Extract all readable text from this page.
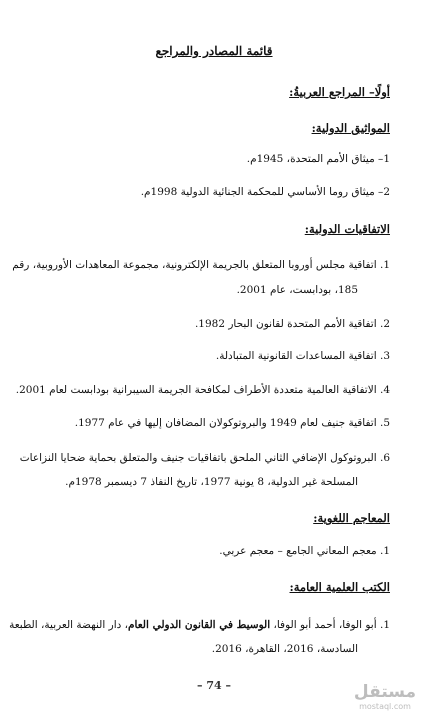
قائمة المصادر والمراجع
أولًا– المراجع العربيةُ:
المواثيق الدولية:
1– ميثاق الأمم المتحدة، 1945م.
2– ميثاق روما الأساسي للمحكمة الجنائية الدولية 1998م.
الاتفاقيات الدولية:
1. اتفاقية مجلس أوروبا المتعلق بالجريمة الإلكترونية، مجموعة المعاهدات الأوروبية، رقم
185، بودابست، عام 2001.
2. اتفاقية الأمم المتحدة لقانون البحار 1982.
3. اتفاقية المساعدات القانونية المتبادلة.
4. الاتفاقية العالمية متعددة الأطراف لمكافحة الجريمة السيبرانية بودابست لعام 2001.
5. اتفاقية جنيف لعام 1949 والبروتوكولان المضافان إليها في عام 1977.
6. البروتوكول الإضافي الثاني الملحق باتفاقيات جنيف والمتعلق بحماية ضحايا النزاعات
المسلحة غير الدولية، 8 يونية 1977، تاريخ النفاذ 7 ديسمبر 1978م.
المعاجم اللغوية:
1. معجم المعاني الجامع – معجم عربي.
الكتب العلمية العامة:
1. أبو الوفا، أحمد أبو الوفا، الوسيط في القانون الدولي العام، دار النهضة العربية، الطبعة
السادسة، 2016، القاهرة، 2016.
– 74 –	مستقل
mostaql.com
